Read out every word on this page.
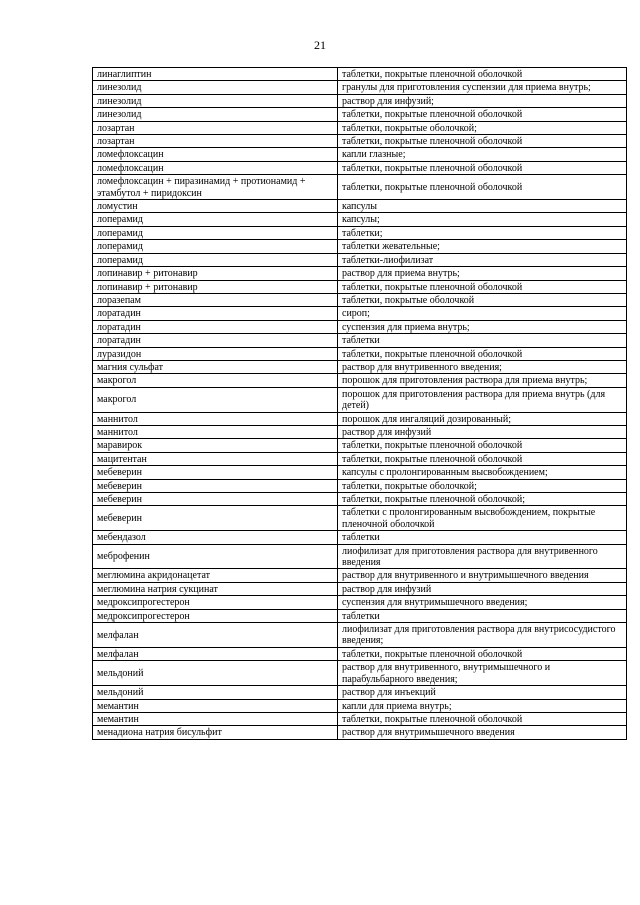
21
линаглиптин	таблетки, покрытые пленочной оболочкой
линезолид	гранулы для приготовления суспензии для приема внутрь;
линезолид	раствор для инфузий;
линезолид	таблетки, покрытые пленочной оболочкой
лозартан	таблетки, покрытые оболочкой;
лозартан	таблетки, покрытые пленочной оболочкой
ломефлоксацин	капли глазные;
ломефлоксацин	таблетки, покрытые пленочной оболочкой
ломефлоксацин + пиразинамид + протионамид + этамбутол + пиридоксин	таблетки, покрытые пленочной оболочкой
ломустин	капсулы
лоперамид	капсулы;
лоперамид	таблетки;
лоперамид	таблетки жевательные;
лоперамид	таблетки-лиофилизат
лопинавир + ритонавир	раствор для приема внутрь;
лопинавир + ритонавир	таблетки, покрытые пленочной оболочкой
лоразепам	таблетки, покрытые оболочкой
лоратадин	сироп;
лоратадин	суспензия для приема внутрь;
лоратадин	таблетки
луразидон	таблетки, покрытые пленочной оболочкой
магния сульфат	раствор для внутривенного введения;
макрогол	порошок для приготовления раствора для приема внутрь;
макрогол	порошок для приготовления раствора для приема внутрь (для детей)
маннитол	порошок для ингаляций дозированный;
маннитол	раствор для инфузий
маравирок	таблетки, покрытые пленочной оболочкой
мацитентан	таблетки, покрытые пленочной оболочкой
мебеверин	капсулы с пролонгированным высвобождением;
мебеверин	таблетки, покрытые оболочкой;
мебеверин	таблетки, покрытые пленочной оболочкой;
мебеверин	таблетки с пролонгированным высвобождением, покрытые пленочной оболочкой
мебендазол	таблетки
меброфенин	лиофилизат для приготовления раствора для внутривенного введения
меглюмина акридонацетат	раствор для внутривенного и внутримышечного введения
меглюмина натрия сукцинат	раствор для инфузий
медроксипрогестерон	суспензия для внутримышечного введения;
медроксипрогестерон	таблетки
мелфалан	лиофилизат для приготовления раствора для внутрисосудистого введения;
мелфалан	таблетки, покрытые пленочной оболочкой
мельдоний	раствор для внутривенного, внутримышечного и парабульбарного введения;
мельдоний	раствор для инъекций
мемантин	капли для приема внутрь;
мемантин	таблетки, покрытые пленочной оболочкой
менадиона натрия бисульфит	раствор для внутримышечного введения
